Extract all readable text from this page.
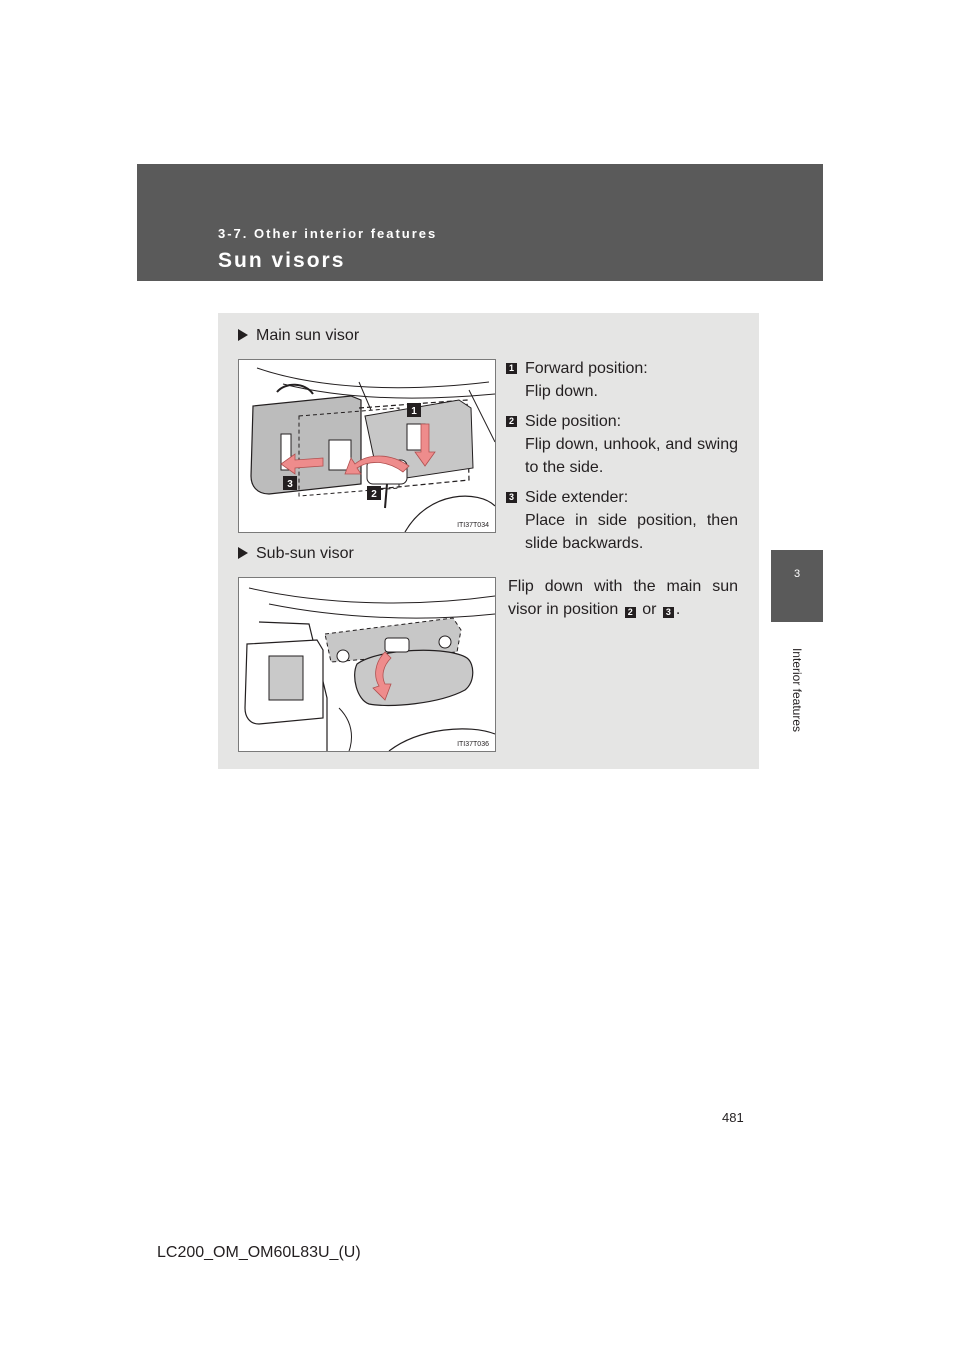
3-7. Other interior features
Sun visors
3
Interior features
Main sun visor
1
3
2
ITI37T034
1 Forward position:
Flip down.
2 Side position:
Flip down, unhook, and swing to the side.
3 Side extender:
Place in side position, then slide backwards.
Sub-sun visor
ITI37T036
Flip down with the main sun visor in position 2 or 3 .
481
LC200_OM_OM60L83U_(U)
